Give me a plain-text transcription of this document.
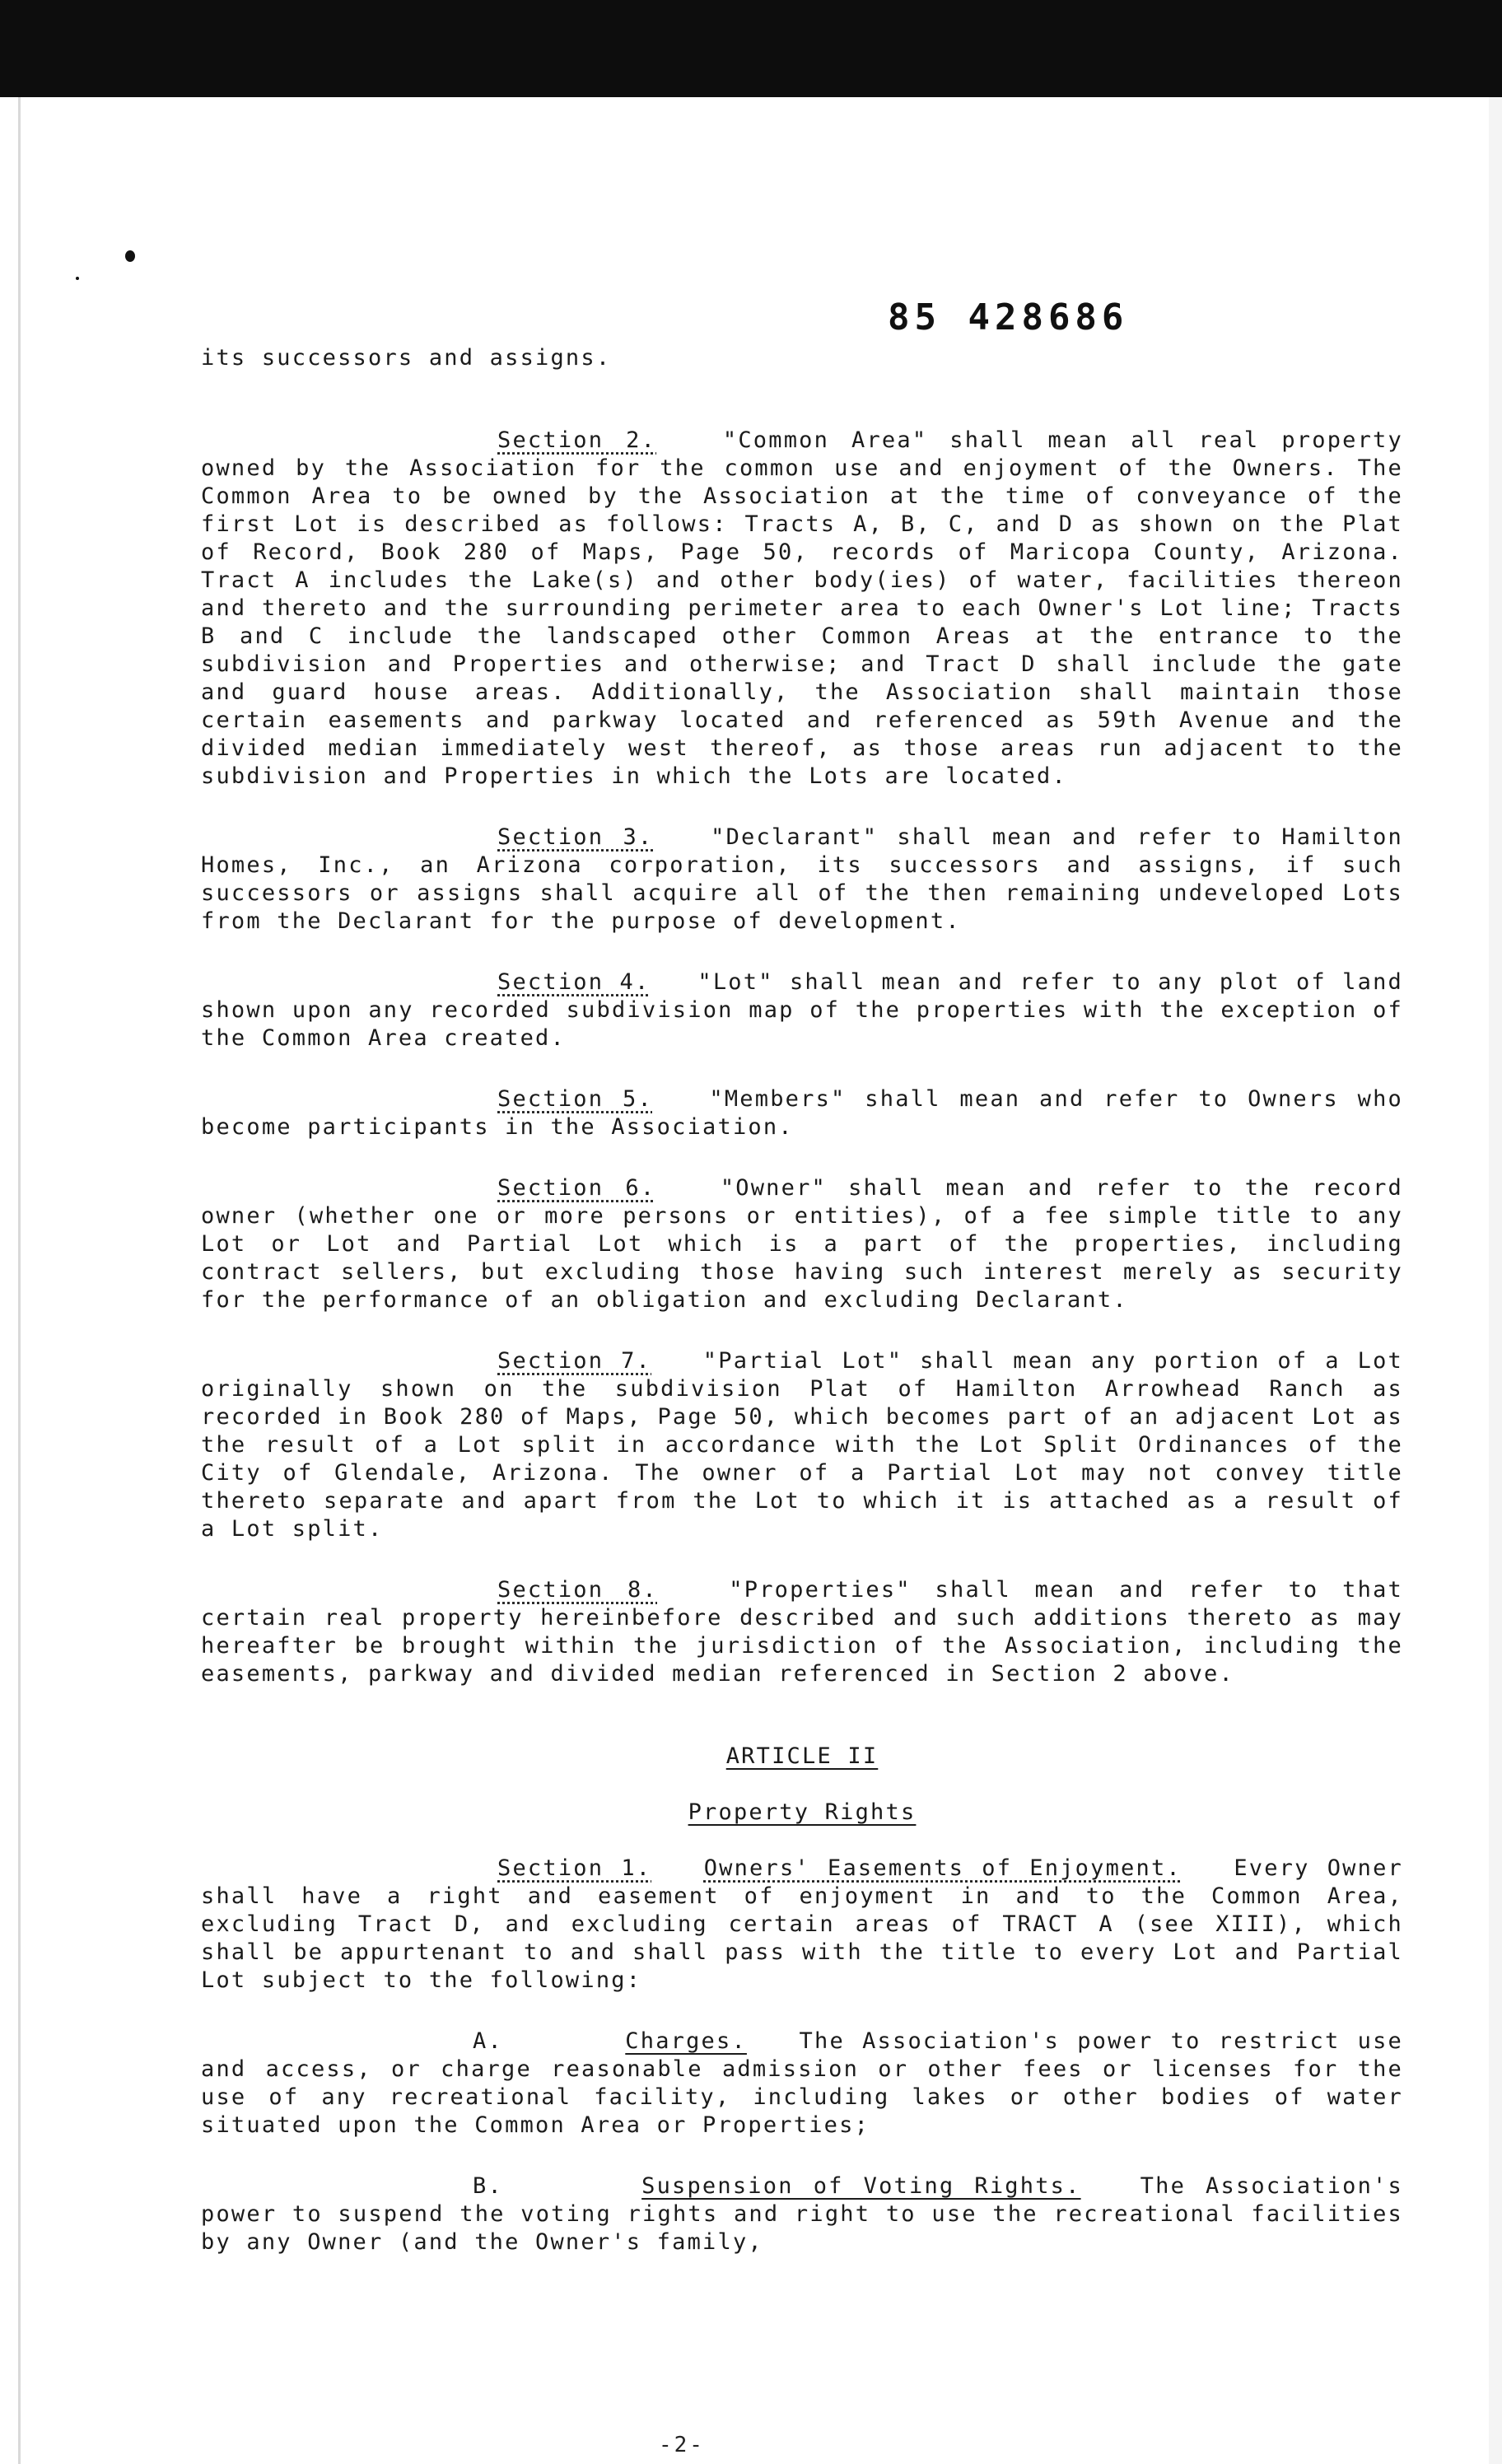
85 428686

its successors and assigns.

Section 2.	"Common Area" shall mean all real property owned by the Association for the common use and enjoyment of the Owners. The Common Area to be owned by the Association at the time of conveyance of the first Lot is described as follows: Tracts A, B, C, and D as shown on the Plat of Record, Book 280 of Maps, Page 50, records of Maricopa County, Arizona. Tract A includes the Lake(s) and other body(ies) of water, facilities thereon and thereto and the surrounding perimeter area to each Owner's Lot line; Tracts B and C include the landscaped other Common Areas at the entrance to the subdivision and Properties and otherwise; and Tract D shall include the gate and guard house areas. Additionally, the Association shall maintain those certain easements and parkway located and referenced as 59th Avenue and the divided median immediately west thereof, as those areas run adjacent to the subdivision and Properties in which the Lots are located.

Section 3.	"Declarant" shall mean and refer to Hamilton Homes, Inc., an Arizona corporation, its successors and assigns, if such successors or assigns shall acquire all of the then remaining undeveloped Lots from the Declarant for the purpose of development.

Section 4. "Lot" shall mean and refer to any plot of land shown upon any recorded subdivision map of the properties with the exception of the Common Area created.

Section 5.	"Members" shall mean and refer to Owners who become participants in the Association.

Section 6.	"Owner" shall mean and refer to the record owner (whether one or more persons or entities), of a fee simple title to any Lot or Lot and Partial Lot which is a part of the properties, including contract sellers, but excluding those having such interest merely as security for the performance of an obligation and excluding Declarant.

Section 7. "Partial Lot" shall mean any portion of a Lot originally shown on the subdivision Plat of Hamilton Arrowhead Ranch as recorded in Book 280 of Maps, Page 50, which becomes part of an adjacent Lot as the result of a Lot split in accordance with the Lot Split Ordinances of the City of Glendale, Arizona. The owner of a Partial Lot may not convey title thereto separate and apart from the Lot to which it is attached as a result of a Lot split.

Section 8.	"Properties" shall mean and refer to that certain real property hereinbefore described and such additions thereto as may hereafter be brought within the jurisdiction of the Association, including the easements, parkway and divided median referenced in Section 2 above.

ARTICLE II

Property Rights

Section 1. Owners' Easements of Enjoyment. Every Owner shall have a right and easement of enjoyment in and to the Common Area, excluding Tract D, and excluding certain areas of TRACT A (see XIII), which shall be appurtenant to and shall pass with the title to every Lot and Partial Lot subject to the following:

A.	Charges. The Association's power to restrict use and access, or charge reasonable admission or other fees or licenses for the use of any recreational facility, including lakes or other bodies of water situated upon the Common Area or Properties;

B.	Suspension of Voting Rights.	The Association's power to suspend the voting rights and right to use the recreational facilities by any Owner (and the Owner's family,

-2-
